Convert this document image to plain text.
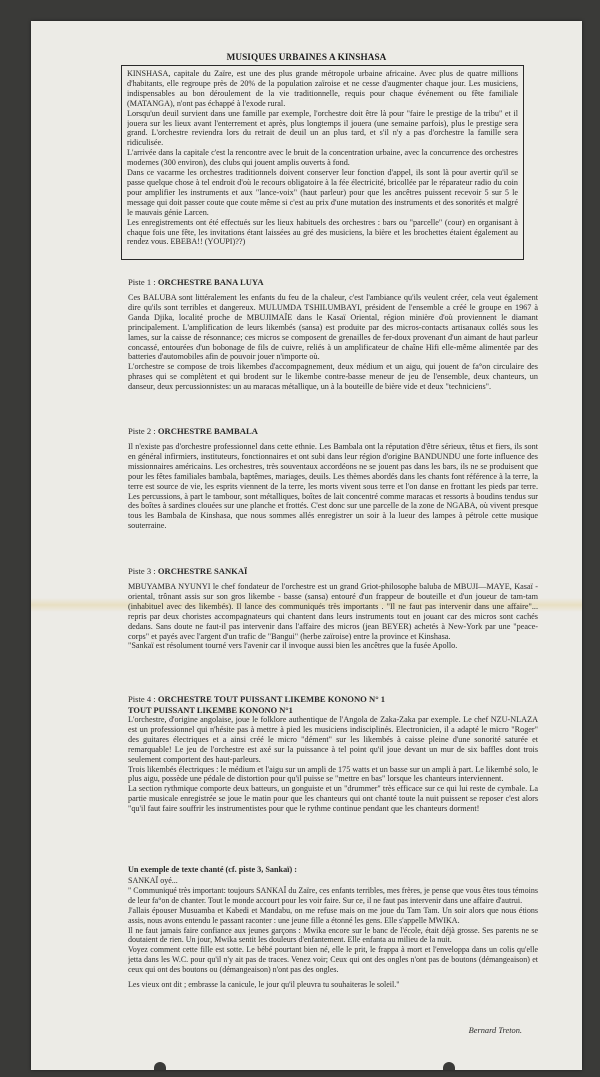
MUSIQUES URBAINES A KINSHASA

KINSHASA, capitale du Zaïre, est une des plus grande métropole urbaine africaine. Avec plus de quatre millions d'habitants, elle regroupe près de 20% de la population zaïroise et ne cesse d'augmenter chaque jour. Les musiciens, indispensables au bon déroulement de la vie traditionnelle, requis pour chaque événement ou fête familiale (MATANGA), n'ont pas échappé à l'exode rural.

Lorsqu'un deuil survient dans une famille par exemple, l'orchestre doit être là pour "faire le prestige de la tribu" et il jouera sur les lieux avant l'enterrement et après, plus longtemps il jouera (une semaine parfois), plus le prestige sera grand. L'orchestre reviendra lors du retrait de deuil un an plus tard, et s'il n'y a pas d'orchestre la famille sera ridiculisée.

L'arrivée dans la capitale c'est la rencontre avec le bruit de la concentration urbaine, avec la concurrence des orchestres modernes (300 environ), des clubs qui jouent amplis ouverts à fond.

Dans ce vacarme les orchestres traditionnels doivent conserver leur fonction d'appel, ils sont là pour avertir qu'il se passe quelque chose à tel endroit d'où le recours obligatoire à la fée électricité, bricollée par le réparateur radio du coin pour amplifier les instruments et aux "lance-voix" (haut parleur) pour que les ancêtres puissent recevoir 5 sur 5 le message qui doit passer coute que coute même si c'est au prix d'une mutation des instruments et des sonorités et malgré le mauvais génie Larcen.

Les enregistrements ont été effectués sur les lieux habituels des orchestres : bars ou "parcelle" (cour) en organisant à chaque fois une fête, les invitations étant laissées au gré des musiciens, la bière et les brochettes étaient également au rendez vous. EBEBA!! (YOUPI)??)

Piste 1 : ORCHESTRE BANA LUYA

Ces BALUBA sont littéralement les enfants du feu de la chaleur, c'est l'ambiance qu'ils veulent créer, cela veut également dire qu'ils sont terribles et dangereux. MULUMDA TSHILUMBAYI, président de l'ensemble a créé le groupe en 1967 à Ganda Djika, localité proche de MBUJIMAÏE dans le Kasaï Oriental, région minière d'où proviennent le diamant principalement. L'amplification de leurs likembés (sansa) est produite par des micros-contacts artisanaux collés sous les lames, sur la caisse de résonnance; ces micros se composent de grenailles de fer-doux provenant d'un aimant de haut parleur concassé, entourées d'un bobonage de fils de cuivre, reliés à un amplificateur de chaîne Hifi elle-même alimentée par des batteries d'automobiles afin de pouvoir jouer n'importe où.

L'orchestre se compose de trois likembes d'accompagnement, deux médium et un aigu, qui jouent de fa°on circulaire des phrases qui se complètent et qui brodent sur le likembe contre-basse meneur de jeu de l'ensemble, deux chanteurs, un danseur, deux percussionnistes: un au maracas métallique, un à la bouteille de bière vide et deux "techniciens".

Piste 2 : ORCHESTRE BAMBALA

Il n'existe pas d'orchestre professionnel dans cette ethnie. Les Bambala ont la réputation d'être sérieux, têtus et fiers, ils sont en général infirmiers, instituteurs, fonctionnaires et ont subi dans leur région d'origine BANDUNDU une forte influence des missionnaires américains. Les orchestres, très souventaux accordéons ne se jouent pas dans les bars, ils ne se produisent que pour les fêtes familiales bambala, baptêmes, mariages, deuils. Les thèmes abordés dans les chants font référence à la terre, la terre est source de vie, les esprits viennent de la terre, les morts vivent sous terre et l'on danse en frottant les pieds par terre. Les percussions, à part le tambour, sont métalliques, boîtes de lait concentré comme maracas et ressorts à boudins tendus sur des boîtes à sardines clouées sur une planche et frottés. C'est donc sur une parcelle de la zone de NGABA, où vivent presque tous les Bambala de Kinshasa, que nous sommes allés enregistrer un soir à la lueur des lampes à pétrole cette musique souterraine.

Piste 3 : ORCHESTRE SANKAÏ

MBUYAMBA NYUNYI le chef fondateur de l'orchestre est un grand Griot-philosophe baluba de MBUJI—MAYE, Kasaï - oriental, trônant assis sur son gros likembe - basse (sansa) entouré d'un frappeur de bouteille et d'un joueur de tam-tam (inhabituel avec des likembés). Il lance des communiqués très importants . "Il ne faut pas intervenir dans une affaire"... repris par deux choristes accompagnateurs qui chantent dans leurs instruments tout en jouant car des micros sont cachés dedans. Sans doute ne faut-il pas intervenir dans l'affaire des micros (jean BEYER) achetés à New-York par une "peace-corps" et payés avec l'argent d'un trafic de "Bangui" (herbe zaïroise) entre la province et Kinshasa.

"Sankaï est résolument tourné vers l'avenir car il invoque aussi bien les ancêtres que la fusée Apollo.

Piste 4 : ORCHESTRE TOUT PUISSANT LIKEMBE KONONO N° 1

TOUT PUISSANT LIKEMBE KONONO N°1

L'orchestre, d'origine angolaise, joue le folklore authentique de l'Angola de Zaka-Zaka par exemple. Le chef NZU-NLAZA est un professionnel qui n'hésite pas à mettre à pied les musiciens indisciplinés. Electronicien, il a adapté le micro "Roger" des guitares électriques et a ainsi créé le micro "dément" sur les likembés à caisse pleine d'une sonorité saturée et remarquable! Le jeu de l'orchestre est axé sur la puissance à tel point qu'il joue devant un mur de six baffles dont trois seulement comportent des haut-parleurs.

Trois likembés électriques : le médium et l'aigu sur un ampli de 175 watts et un basse sur un ampli à part. Le likembé solo, le plus aigu, possède une pédale de distortion pour qu'il puisse se "mettre en bas" lorsque les chanteurs interviennent.

La section rythmique comporte deux batteurs, un gonguiste et un "drummer" très efficace sur ce qui lui reste de cymbale. La partie musicale enregistrée se joue le matin pour que les chanteurs qui ont chanté toute la nuit puissent se reposer c'est alors "qu'il faut faire souffrir les instrumentistes pour que le rythme continue pendant que les chanteurs dorment!

Un exemple de texte chanté (cf. piste 3, Sankaï) :

SANKAÏ oyé...

" Communiqué très important: toujours SANKAÏ du Zaïre, ces enfants terribles, mes frères, je pense que vous êtes tous témoins de leur fa°on de chanter. Tout le monde accourt pour les voir faire. Sur ce, il ne faut pas intervenir dans une affaire d'autrui.

J'allais épouser Musuamba et Kabedi et Mandabu, on me refuse mais on me joue du Tam Tam. Un soir alors que nous étions assis, nous avons entendu le passant raconter : une jeune fille a étonné les gens. Elle s'appelle MWIKA.

Il ne faut jamais faire confiance aux jeunes garçons : Mwika encore sur le banc de l'école, était déjà grosse. Ses parents ne se doutaient de rien. Un jour, Mwika sentit les douleurs d'enfantement. Elle enfanta au milieu de la nuit.

Voyez comment cette fille est sotte. Le bébé pourtant bien né, elle le prit, le frappa à mort et l'enveloppa dans un colis qu'elle jetta dans les W.C. pour qu'il n'y ait pas de traces. Venez voir; Ceux qui ont des ongles n'ont pas de boutons (démangeaison) et ceux qui ont des boutons ou (démangeaison) n'ont pas des ongles.

Les vieux ont dit ; embrasse la canicule, le jour qu'il pleuvra tu souhaiteras le soleil."

Bernard Treton.
